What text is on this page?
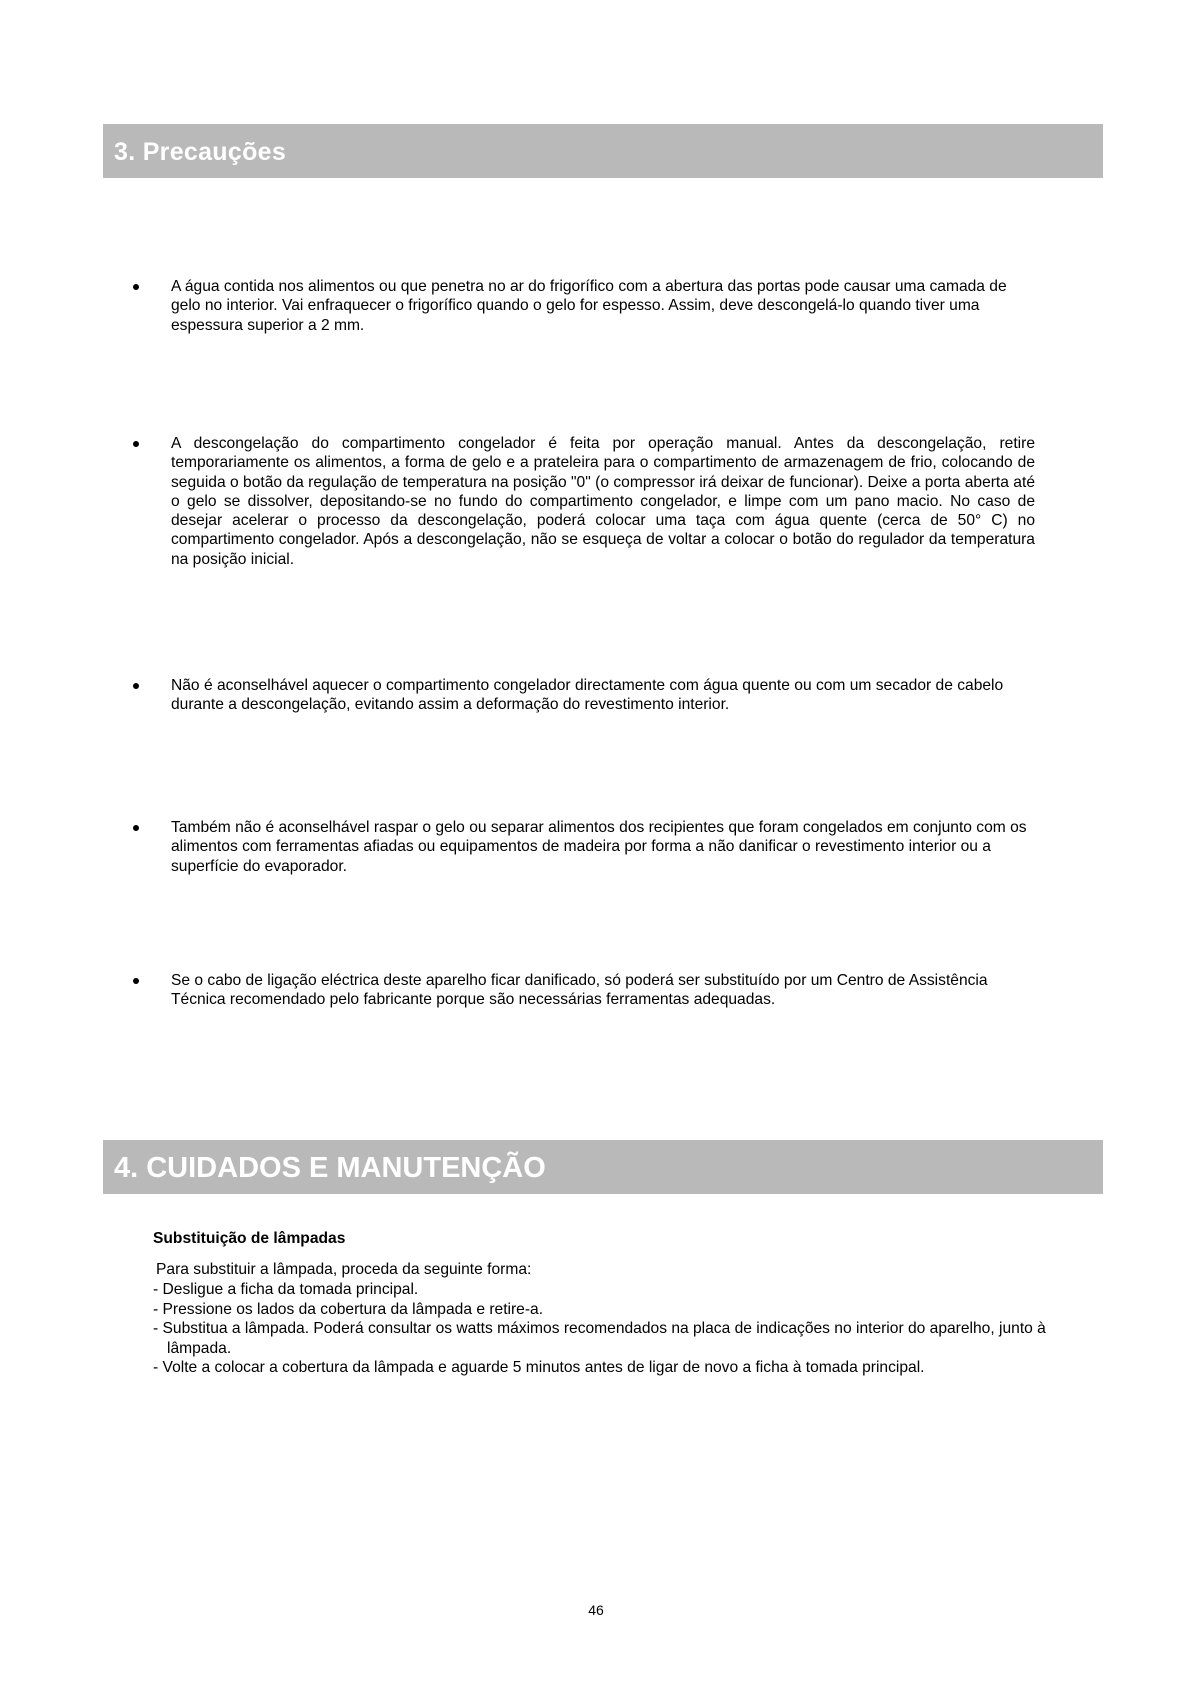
3. Precauções

A água contida nos alimentos ou que penetra no ar do frigorífico com a abertura das portas pode causar uma camada de gelo no interior. Vai enfraquecer o frigorífico quando o gelo for espesso. Assim, deve descongelá-lo quando tiver uma espessura superior a 2 mm.

A descongelação do compartimento congelador é feita por operação manual. Antes da descongelação, retire temporariamente os alimentos, a forma de gelo e a prateleira para o compartimento de armazenagem de frio, colocando de seguida o botão da regulação de temperatura na posição "0" (o compressor irá deixar de funcionar). Deixe a porta aberta até o gelo se dissolver, depositando-se no fundo do compartimento congelador, e limpe com um pano macio. No caso de desejar acelerar o processo da descongelação, poderá colocar uma taça com água quente (cerca de 50° C) no compartimento congelador. Após a descongelação, não se esqueça de voltar a colocar o botão do regulador da temperatura na posição inicial.

Não é aconselhável aquecer o compartimento congelador directamente com água quente ou com um secador de cabelo durante a descongelação, evitando assim a deformação do revestimento interior.

Também não é aconselhável raspar o gelo ou separar alimentos dos recipientes que foram congelados em conjunto com os alimentos com ferramentas afiadas ou equipamentos de madeira por forma a não danificar o revestimento interior ou a superfície do evaporador.

Se o cabo de ligação eléctrica deste aparelho ficar danificado, só poderá ser substituído por um Centro de Assistência Técnica recomendado pelo fabricante porque são necessárias ferramentas adequadas.

4. CUIDADOS E MANUTENÇÃO

Substituição de lâmpadas

Para substituir a lâmpada, proceda da seguinte forma:

- Desligue a ficha da tomada principal.
- Pressione os lados da cobertura da lâmpada e retire-a.
- Substitua a lâmpada. Poderá consultar os watts máximos recomendados na placa de indicações no interior do aparelho, junto à lâmpada.
- Volte a colocar a cobertura da lâmpada e aguarde 5 minutos antes de ligar de novo a ficha à tomada principal.
46
